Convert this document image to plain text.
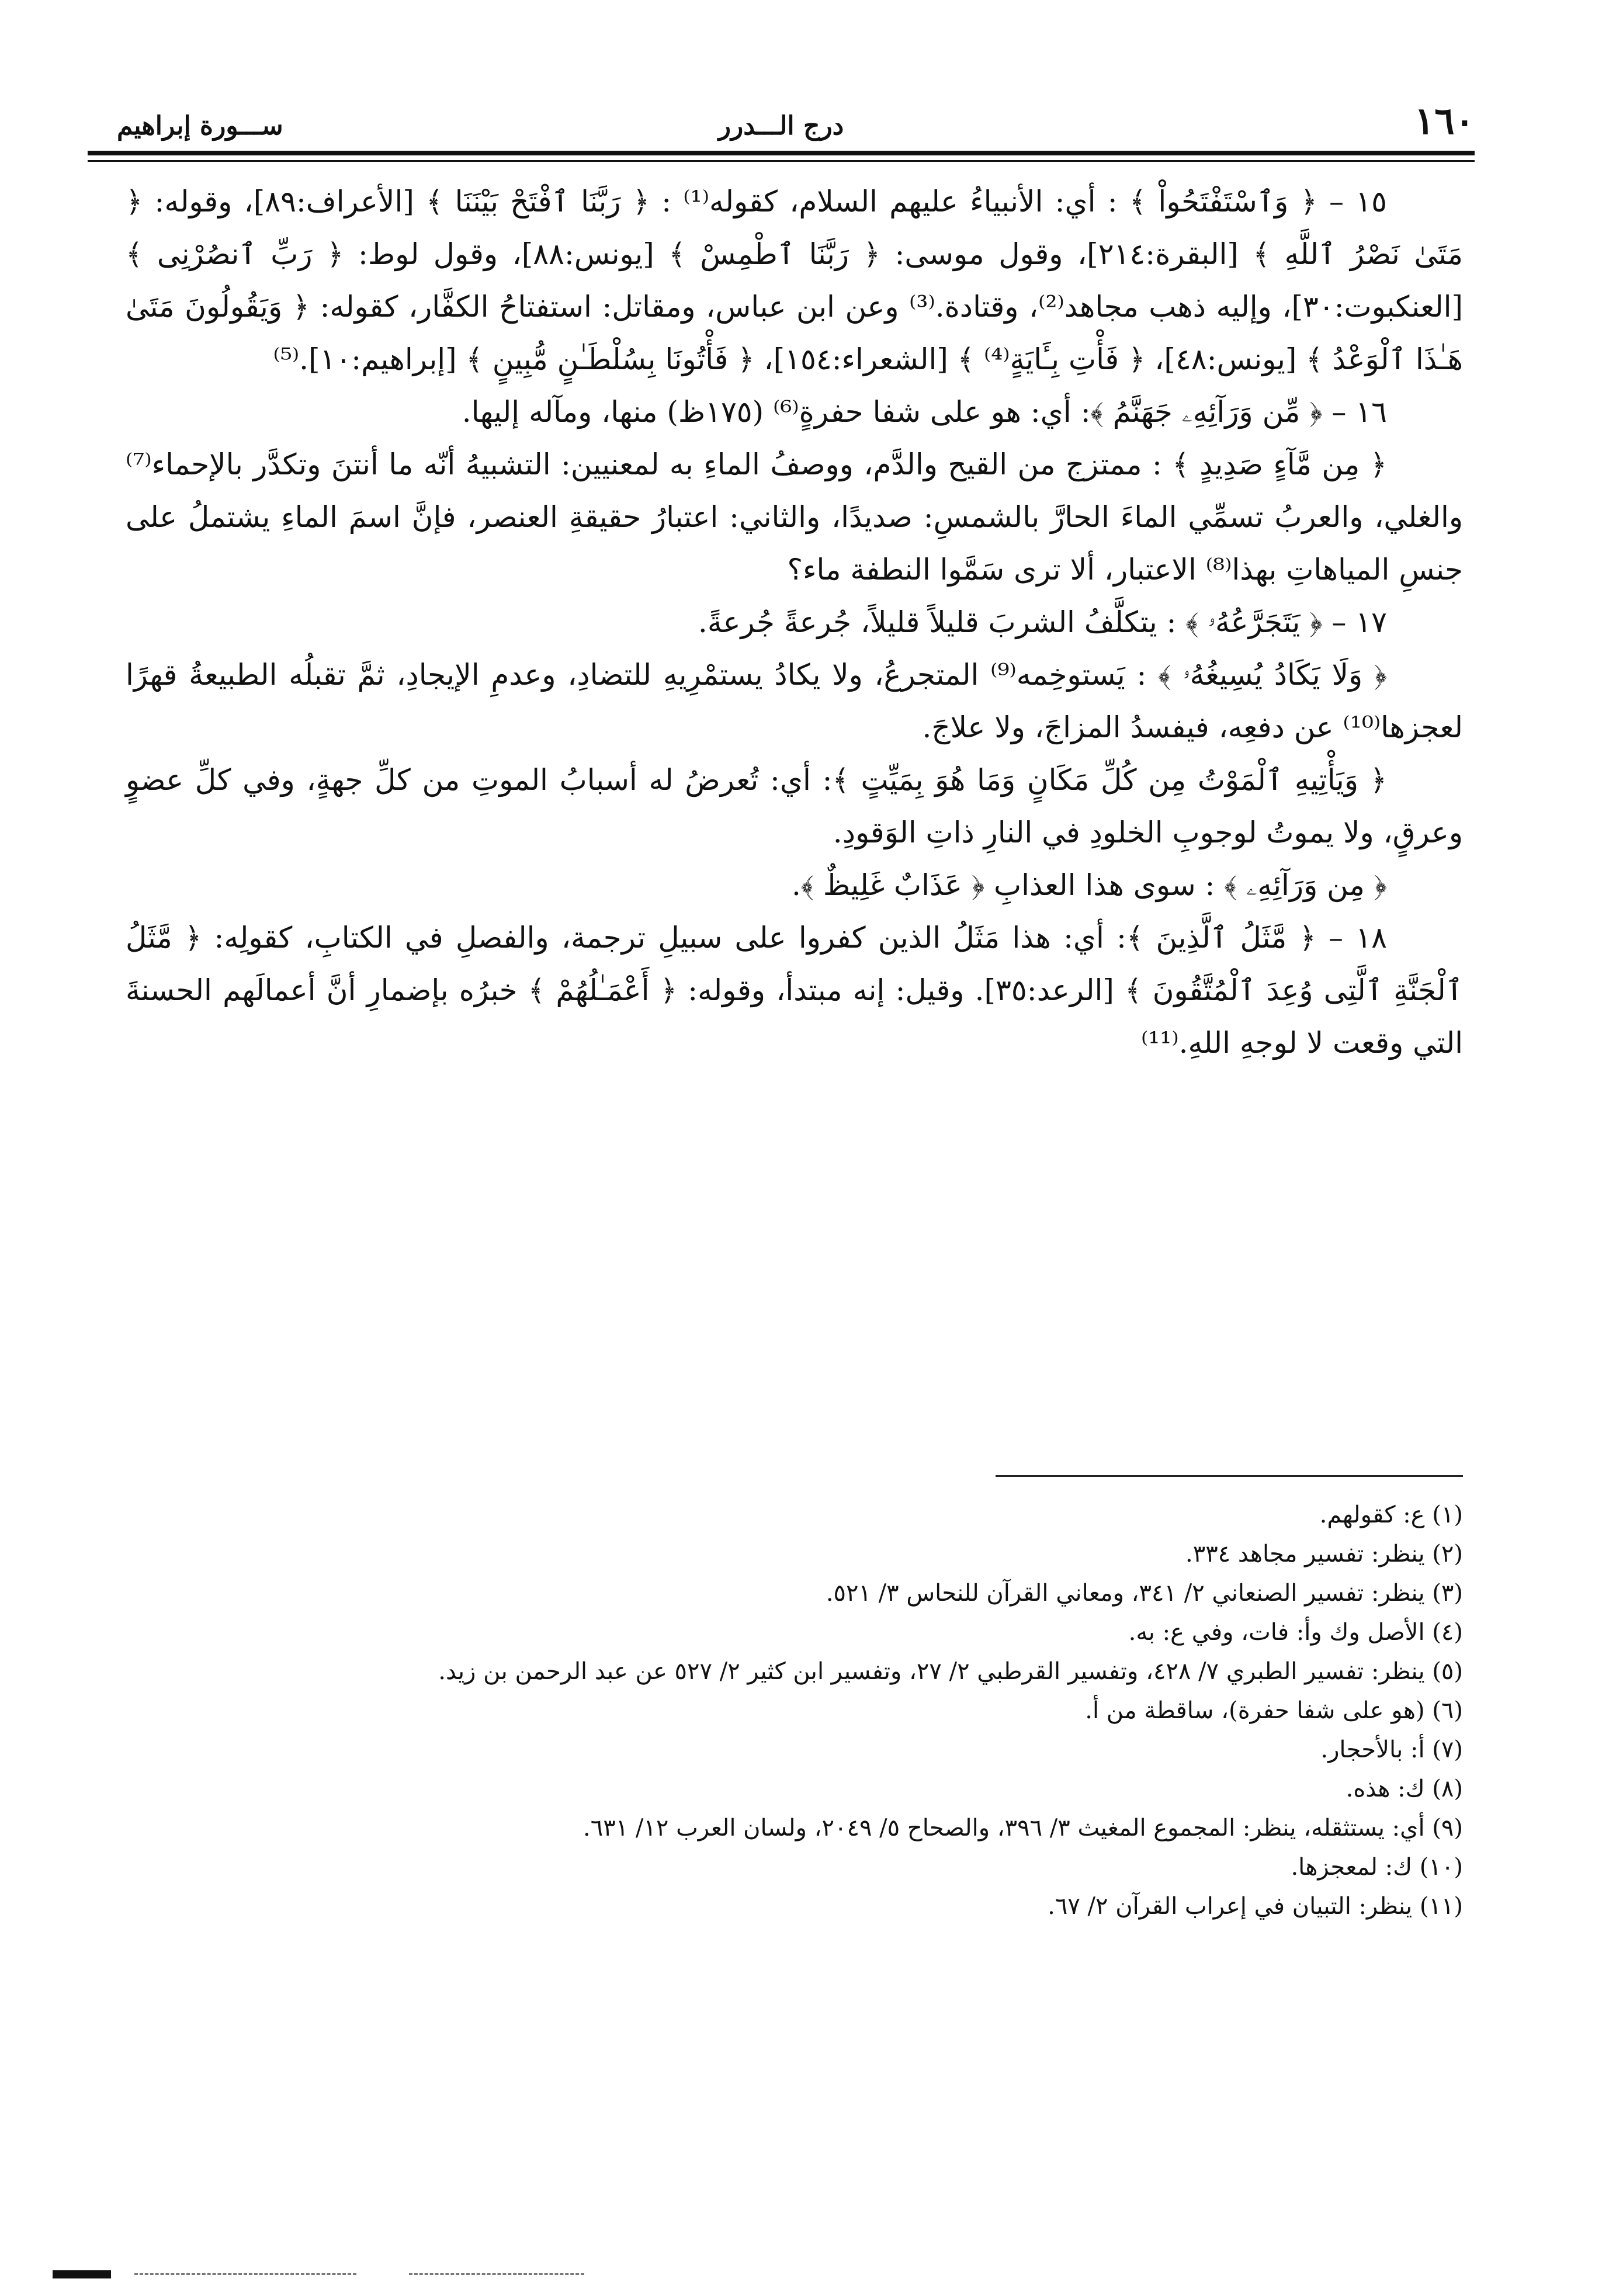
١٦٠
درج الـــدرر
ســـورة إبراهيم

١٥ – ﴿ وَٱسْتَفْتَحُواْ ﴾ : أي: الأنبياءُ عليهم السلام، كقوله⁽¹⁾ : ﴿ رَبَّنَا ٱفْتَحْ بَيْنَنَا ﴾ [الأعراف:٨٩]، وقوله: ﴿ مَتَىٰ نَصْرُ ٱللَّهِ ﴾ [البقرة:٢١٤]، وقول موسى: ﴿ رَبَّنَا ٱطْمِسْ ﴾ [يونس:٨٨]، وقول لوط: ﴿ رَبِّ ٱنصُرْنِى ﴾ [العنكبوت:٣٠]، وإليه ذهب مجاهد⁽²⁾، وقتادة.⁽³⁾ وعن ابن عباس، ومقاتل: استفتاحُ الكفَّار، كقوله: ﴿ وَيَقُولُونَ مَتَىٰ هَـٰذَا ٱلْوَعْدُ ﴾ [يونس:٤٨]، ﴿ فَأْتِ بِـَٔايَةٍ⁽⁴⁾ ﴾ [الشعراء:١٥٤]، ﴿ فَأْتُونَا بِسُلْطَـٰنٍ مُّبِينٍ ﴾ [إبراهيم:١٠].⁽⁵⁾

١٦ – ﴿ مِّن وَرَآئِهِۦ جَهَنَّمُ ﴾: أي: هو على شفا حفرةٍ⁽⁶⁾ (١٧٥ظ) منها، ومآله إليها.

﴿ مِن مَّآءٍ صَدِيدٍ ﴾ : ممتزج من القيح والدَّم، ووصفُ الماءِ به لمعنيين: التشبيهُ أنّه ما أنتنَ وتكدَّر بالإحماء⁽⁷⁾ والغلي، والعربُ تسمِّي الماءَ الحارَّ بالشمسِ: صديدًا، والثاني: اعتبارُ حقيقةِ العنصر، فإنَّ اسمَ الماءِ يشتملُ على جنسِ المياهاتِ بهذا⁽⁸⁾ الاعتبار، ألا ترى سَمَّوا النطفة ماء؟

١٧ – ﴿ يَتَجَرَّعُهُۥ ﴾ : يتكلَّفُ الشربَ قليلاً قليلاً، جُرعةً جُرعةً.

﴿ وَلَا يَكَادُ يُسِيغُهُۥ ﴾ : يَستوخِمه⁽⁹⁾ المتجرعُ، ولا يكادُ يستمْرِيهِ للتضادِ، وعدمِ الإيجادِ، ثمَّ تقبلُه الطبيعةُ قهرًا لعجزها⁽¹⁰⁾ عن دفعِه، فيفسدُ المزاجَ، ولا علاجَ.

﴿ وَيَأْتِيهِ ٱلْمَوْتُ مِن كُلِّ مَكَانٍ وَمَا هُوَ بِمَيِّتٍ ﴾: أي: تُعرضُ له أسبابُ الموتِ من كلِّ جهةٍ، وفي كلِّ عضوٍ وعرقٍ، ولا يموتُ لوجوبِ الخلودِ في النارِ ذاتِ الوَقودِ.

﴿ مِن وَرَآئِهِۦ ﴾ : سوى هذا العذابِ ﴿ عَذَابٌ غَلِيظٌ ﴾.

١٨ – ﴿ مَّثَلُ ٱلَّذِينَ ﴾: أي: هذا مَثَلُ الذين كفروا على سبيلِ ترجمة، والفصلِ في الكتابِ، كقولِه: ﴿ مَّثَلُ ٱلْجَنَّةِ ٱلَّتِى وُعِدَ ٱلْمُتَّقُونَ ﴾ [الرعد:٣٥]. وقيل: إنه مبتدأ، وقوله: ﴿ أَعْمَـٰلُهُمْ ﴾ خبرُه بإضمارِ أنَّ أعمالَهم الحسنةَ التي وقعت لا لوجهِ اللهِ.⁽¹¹⁾

(١) ع: كقولهم.

(٢) ينظر: تفسير مجاهد ٣٣٤.

(٣) ينظر: تفسير الصنعاني ٢/ ٣٤١، ومعاني القرآن للنحاس ٣/ ٥٢١.

(٤) الأصل وك وأ: فات، وفي ع: به.

(٥) ينظر: تفسير الطبري ٧/ ٤٢٨، وتفسير القرطبي ٢/ ٢٧، وتفسير ابن كثير ٢/ ٥٢٧ عن عبد الرحمن بن زيد.

(٦) (هو على شفا حفرة)، ساقطة من أ.

(٧) أ: بالأحجار.

(٨) ك: هذه.

(٩) أي: يستثقله، ينظر: المجموع المغيث ٣/ ٣٩٦، والصحاح ٥/ ٢٠٤٩، ولسان العرب ١٢/ ٦٣١.

(١٠) ك: لمعجزها.

(١١) ينظر: التبيان في إعراب القرآن ٢/ ٦٧.
